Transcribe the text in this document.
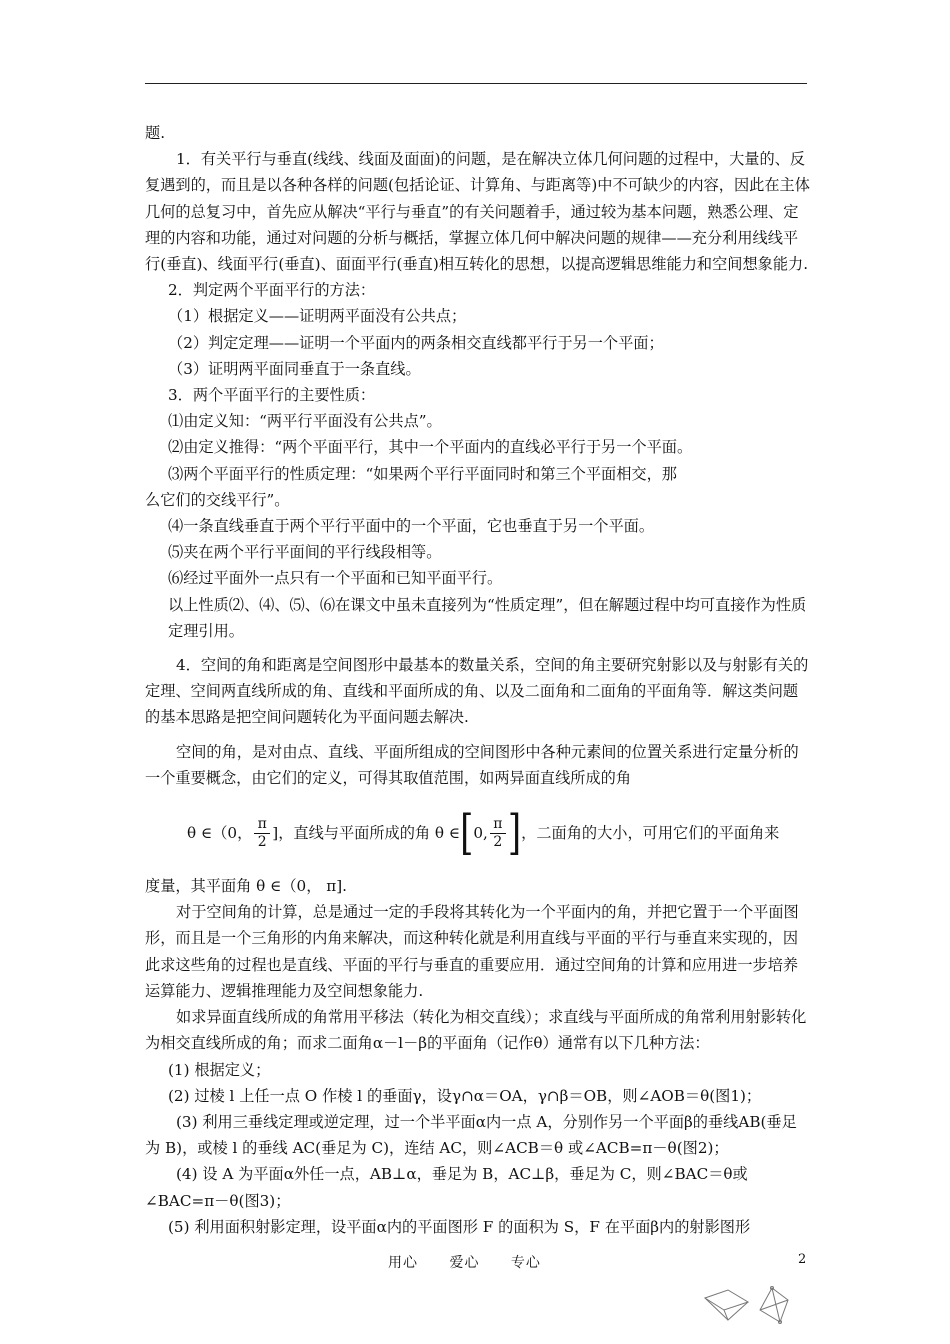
题.

1．有关平行与垂直(线线、线面及面面)的问题，是在解决立体几何问题的过程中，大量的、反复遇到的，而且是以各种各样的问题(包括论证、计算角、与距离等)中不可缺少的内容，因此在主体几何的总复习中，首先应从解决“平行与垂直”的有关问题着手，通过较为基本问题，熟悉公理、定理的内容和功能，通过对问题的分析与概括，掌握立体几何中解决问题的规律——充分利用线线平行(垂直)、线面平行(垂直)、面面平行(垂直)相互转化的思想，以提高逻辑思维能力和空间想象能力.

2．判定两个平面平行的方法：

（1）根据定义——证明两平面没有公共点；

（2）判定定理——证明一个平面内的两条相交直线都平行于另一个平面；

（3）证明两平面同垂直于一条直线。

3．两个平面平行的主要性质：

⑴由定义知：“两平行平面没有公共点”。

⑵由定义推得：“两个平面平行，其中一个平面内的直线必平行于另一个平面。

⑶两个平面平行的性质定理：“如果两个平行平面同时和第三个平面相交，那

么它们的交线平行”。

⑷一条直线垂直于两个平行平面中的一个平面，它也垂直于另一个平面。

⑸夹在两个平行平面间的平行线段相等。

⑹经过平面外一点只有一个平面和已知平面平行。

以上性质⑵、⑷、⑸、⑹在课文中虽未直接列为“性质定理”，但在解题过程中均可直接作为性质定理引用。

4．空间的角和距离是空间图形中最基本的数量关系，空间的角主要研究射影以及与射影有关的定理、空间两直线所成的角、直线和平面所成的角、以及二面角和二面角的平面角等．解这类问题的基本思路是把空间问题转化为平面问题去解决.

空间的角，是对由点、直线、平面所组成的空间图形中各种元素间的位置关系进行定量分析的一个重要概念，由它们的定义，可得其取值范围，如两异面直线所成的角

θ ∈（0， $\frac{\pi}{2}$ ]，直线与平面所成的角 θ ∈ [ 0, $\frac{\pi}{2}$ ] ，二面角的大小，可用它们的平面角来

度量，其平面角 θ ∈（0， π].

对于空间角的计算，总是通过一定的手段将其转化为一个平面内的角，并把它置于一个平面图形，而且是一个三角形的内角来解决，而这种转化就是利用直线与平面的平行与垂直来实现的，因此求这些角的过程也是直线、平面的平行与垂直的重要应用．通过空间角的计算和应用进一步培养运算能力、逻辑推理能力及空间想象能力.

如求异面直线所成的角常用平移法（转化为相交直线）；求直线与平面所成的角常利用射影转化为相交直线所成的角；而求二面角α－l－β的平面角（记作θ）通常有以下几种方法：

(1) 根据定义；

(2) 过棱 l 上任一点 O 作棱 l 的垂面γ，设γ∩α＝OA，γ∩β＝OB，则∠AOB＝θ(图1)；

(3) 利用三垂线定理或逆定理，过一个半平面α内一点 A，分别作另一个平面β的垂线AB(垂足为 B)，或棱 l 的垂线 AC(垂足为 C)，连结 AC，则∠ACB＝θ 或∠ACB=π－θ(图2)；

(4) 设 A 为平面α外任一点，AB⊥α，垂足为 B，AC⊥β，垂足为 C，则∠BAC＝θ或∠BAC=π－θ(图3)；

(5) 利用面积射影定理，设平面α内的平面图形 F 的面积为 S，F 在平面β内的射影图形

用心 爱心 专心	2
